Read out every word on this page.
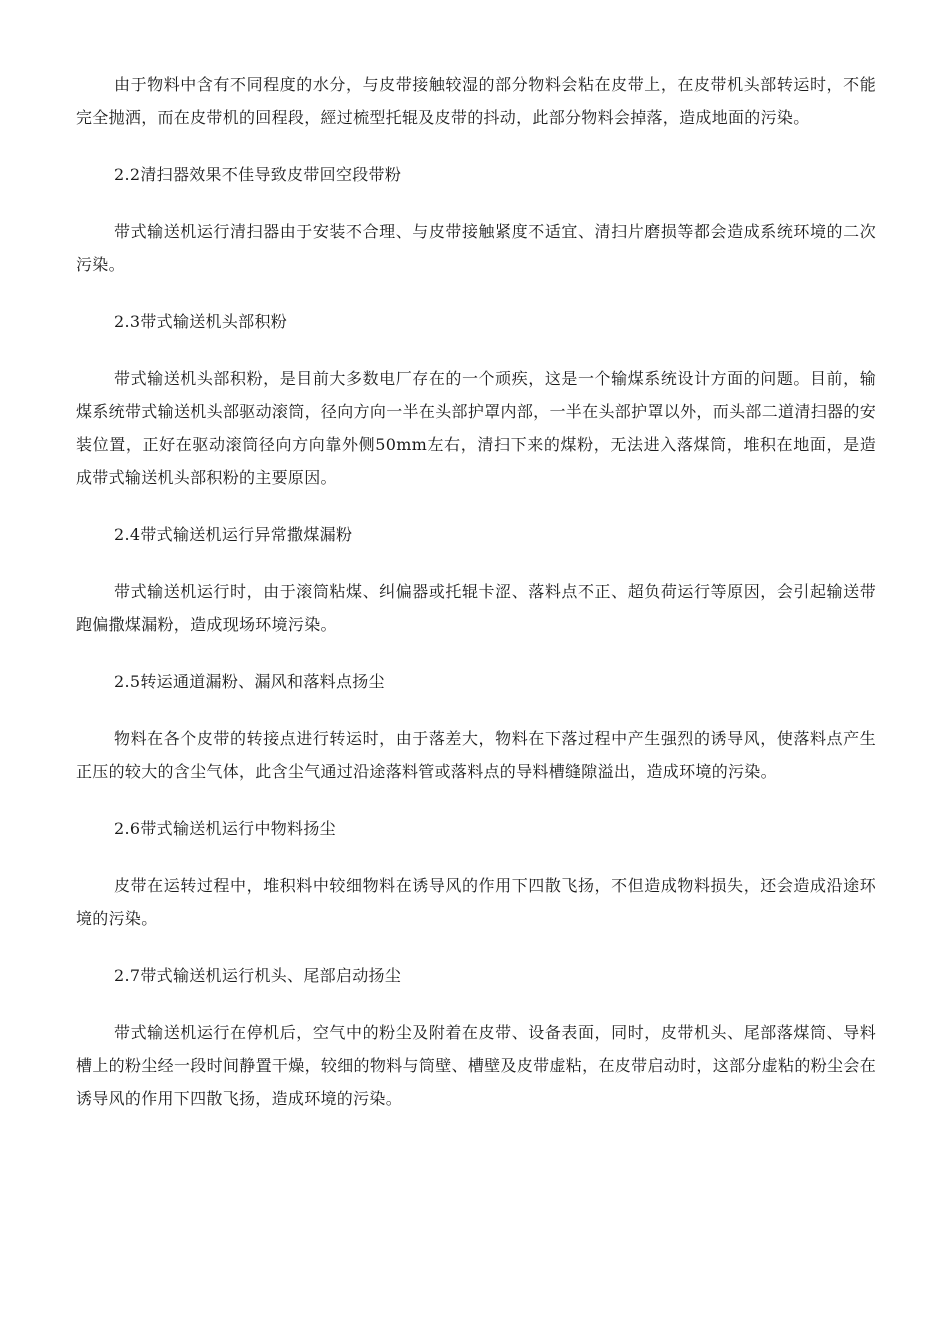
由于物料中含有不同程度的水分，与皮带接触较湿的部分物料会粘在皮带上，在皮带机头部转运时，不能完全抛洒，而在皮带机的回程段，經过梳型托辊及皮带的抖动，此部分物料会掉落，造成地面的污染。

2.2清扫器效果不佳导致皮带回空段带粉

带式输送机运行清扫器由于安装不合理、与皮带接触紧度不适宜、清扫片磨损等都会造成系统环境的二次污染。

2.3带式输送机头部积粉

带式输送机头部积粉，是目前大多数电厂存在的一个顽疾，这是一个输煤系统设计方面的问题。目前，输煤系统带式输送机头部驱动滚筒，径向方向一半在头部护罩内部，一半在头部护罩以外，而头部二道清扫器的安装位置，正好在驱动滚筒径向方向靠外侧50mm左右，清扫下来的煤粉，无法进入落煤筒，堆积在地面，是造成带式输送机头部积粉的主要原因。

2.4带式输送机运行异常撒煤漏粉

带式输送机运行时，由于滚筒粘煤、纠偏器或托辊卡涩、落料点不正、超负荷运行等原因，会引起输送带跑偏撒煤漏粉，造成现场环境污染。

2.5转运通道漏粉、漏风和落料点扬尘

物料在各个皮带的转接点进行转运时，由于落差大，物料在下落过程中产生强烈的诱导风，使落料点产生正压的较大的含尘气体，此含尘气通过沿途落料管或落料点的导料槽缝隙溢出，造成环境的污染。

2.6带式输送机运行中物料扬尘

皮带在运转过程中，堆积料中较细物料在诱导风的作用下四散飞扬，不但造成物料损失，还会造成沿途环境的污染。

2.7带式输送机运行机头、尾部启动扬尘

带式输送机运行在停机后，空气中的粉尘及附着在皮带、设备表面，同时，皮带机头、尾部落煤筒、导料槽上的粉尘经一段时间静置干燥，较细的物料与筒壁、槽壁及皮带虚粘，在皮带启动时，这部分虚粘的粉尘会在诱导风的作用下四散飞扬，造成环境的污染。
